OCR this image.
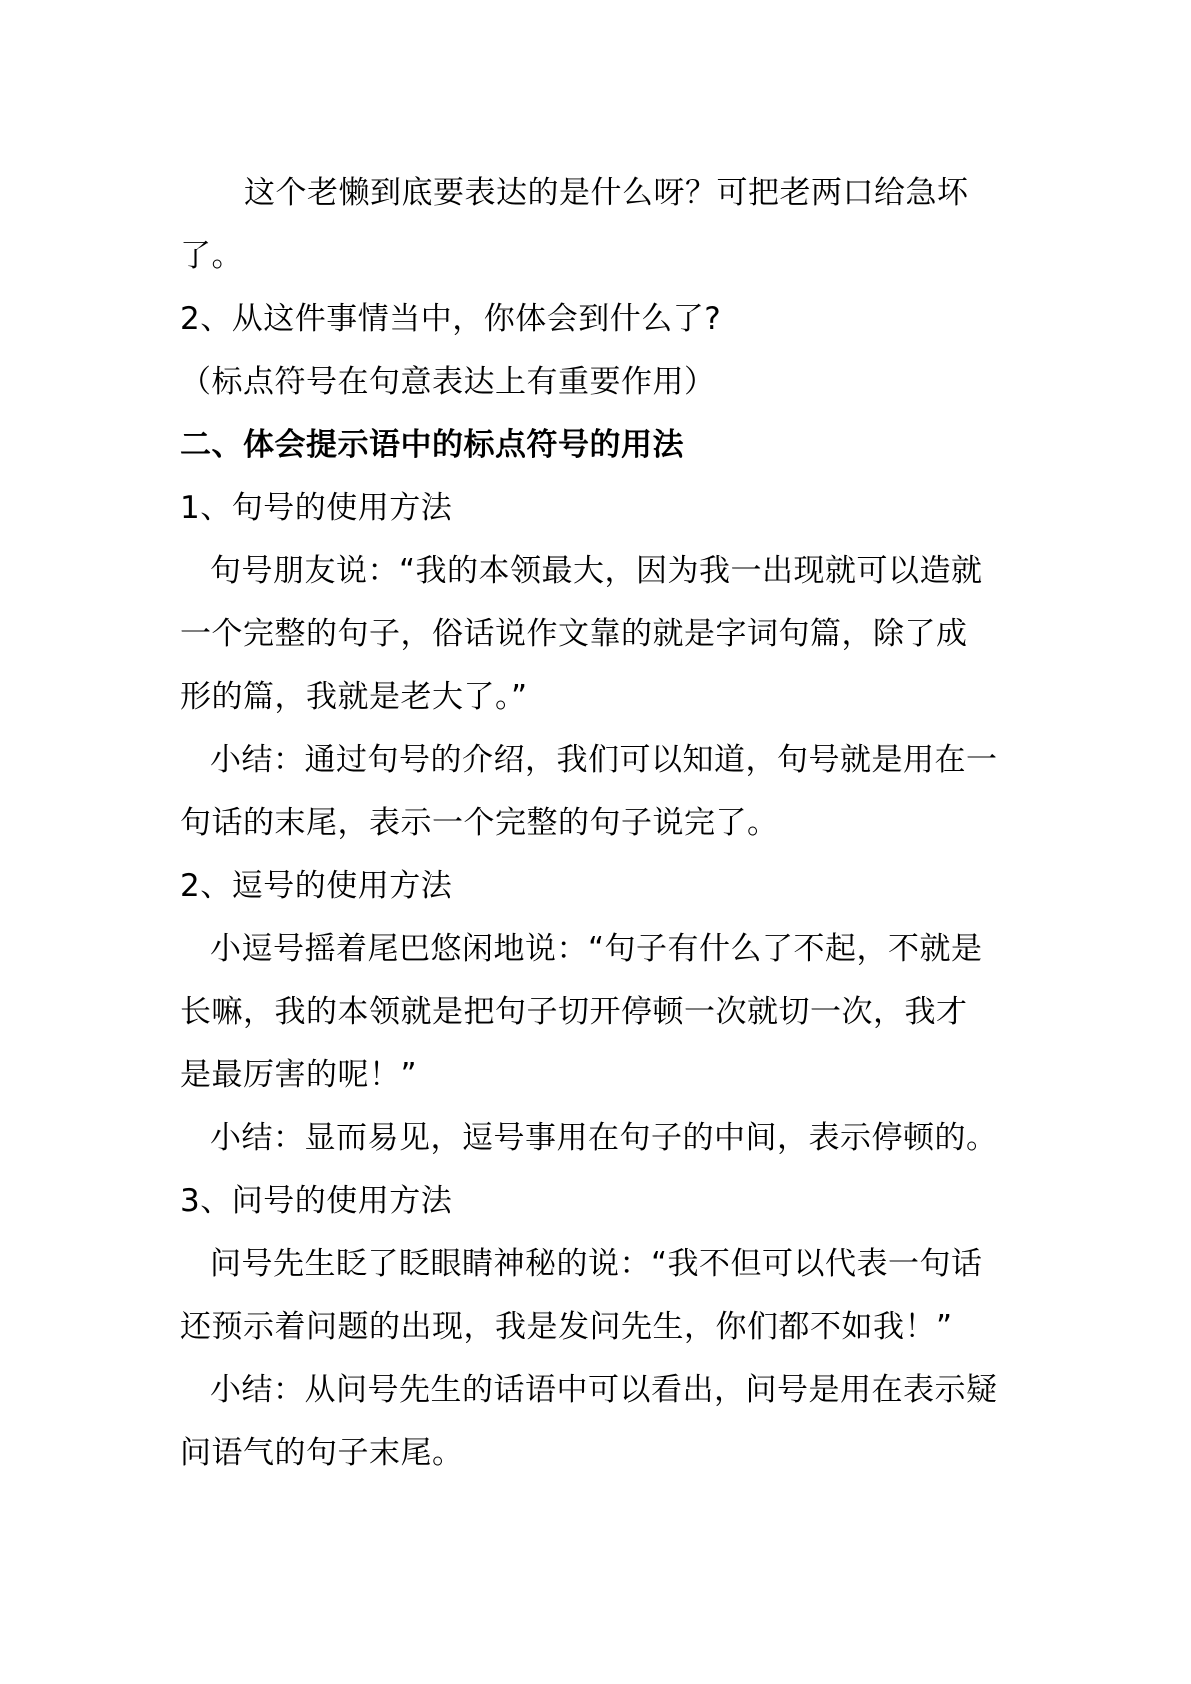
这个老懒到底要表达的是什么呀？可把老两口给急坏
了。
2、从这件事情当中，你体会到什么了?
（标点符号在句意表达上有重要作用）
二、体会提示语中的标点符号的用法
1、句号的使用方法
句号朋友说：“我的本领最大，因为我一出现就可以造就
一个完整的句子，俗话说作文靠的就是字词句篇，除了成
形的篇，我就是老大了。”
小结：通过句号的介绍，我们可以知道，句号就是用在一
句话的末尾，表示一个完整的句子说完了。
2、逗号的使用方法
小逗号摇着尾巴悠闲地说：“句子有什么了不起，不就是
长嘛，我的本领就是把句子切开停顿一次就切一次，我才
是最厉害的呢！”
小结：显而易见，逗号事用在句子的中间，表示停顿的。
3、问号的使用方法
问号先生眨了眨眼睛神秘的说：“我不但可以代表一句话
还预示着问题的出现，我是发问先生，你们都不如我！”
小结：从问号先生的话语中可以看出，问号是用在表示疑
问语气的句子末尾。
